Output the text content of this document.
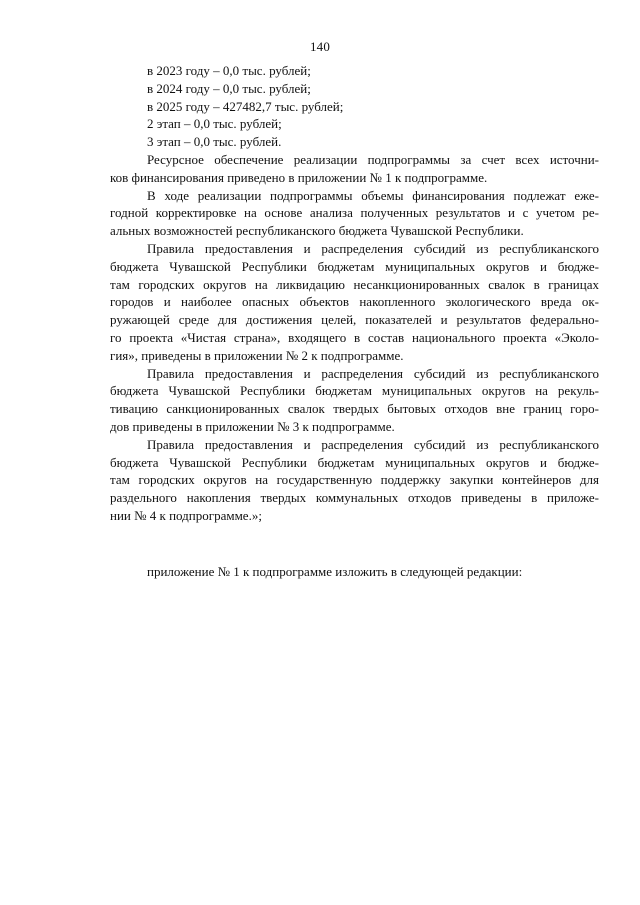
140
в 2023 году – 0,0 тыс. рублей;
в 2024 году – 0,0 тыс. рублей;
в 2025 году – 427482,7 тыс. рублей;
2 этап – 0,0 тыс. рублей;
3 этап – 0,0 тыс. рублей.
Ресурсное обеспечение реализации подпрограммы за счет всех источни-
ков финансирования приведено в приложении № 1 к подпрограмме.
В ходе реализации подпрограммы объемы финансирования подлежат еже-
годной корректировке на основе анализа полученных результатов и с учетом ре-
альных возможностей республиканского бюджета Чувашской Республики.
Правила предоставления и распределения субсидий из республиканского
бюджета Чувашской Республики бюджетам муниципальных округов и бюдже-
там городских округов на ликвидацию несанкционированных свалок в границах
городов и наиболее опасных объектов накопленного экологического вреда ок-
ружающей среде для достижения целей, показателей и результатов федерально-
го проекта «Чистая страна», входящего в состав национального проекта «Эколо-
гия», приведены в приложении № 2 к подпрограмме.
Правила предоставления и распределения субсидий из республиканского
бюджета Чувашской Республики бюджетам муниципальных округов на рекуль-
тивацию санкционированных свалок твердых бытовых отходов вне границ горо-
дов приведены в приложении № 3 к подпрограмме.
Правила предоставления и распределения субсидий из республиканского
бюджета Чувашской Республики бюджетам муниципальных округов и бюдже-
там городских округов на государственную поддержку закупки контейнеров для
раздельного накопления твердых коммунальных отходов приведены в приложе-
нии № 4 к подпрограмме.»;
приложение № 1 к подпрограмме изложить в следующей редакции:
